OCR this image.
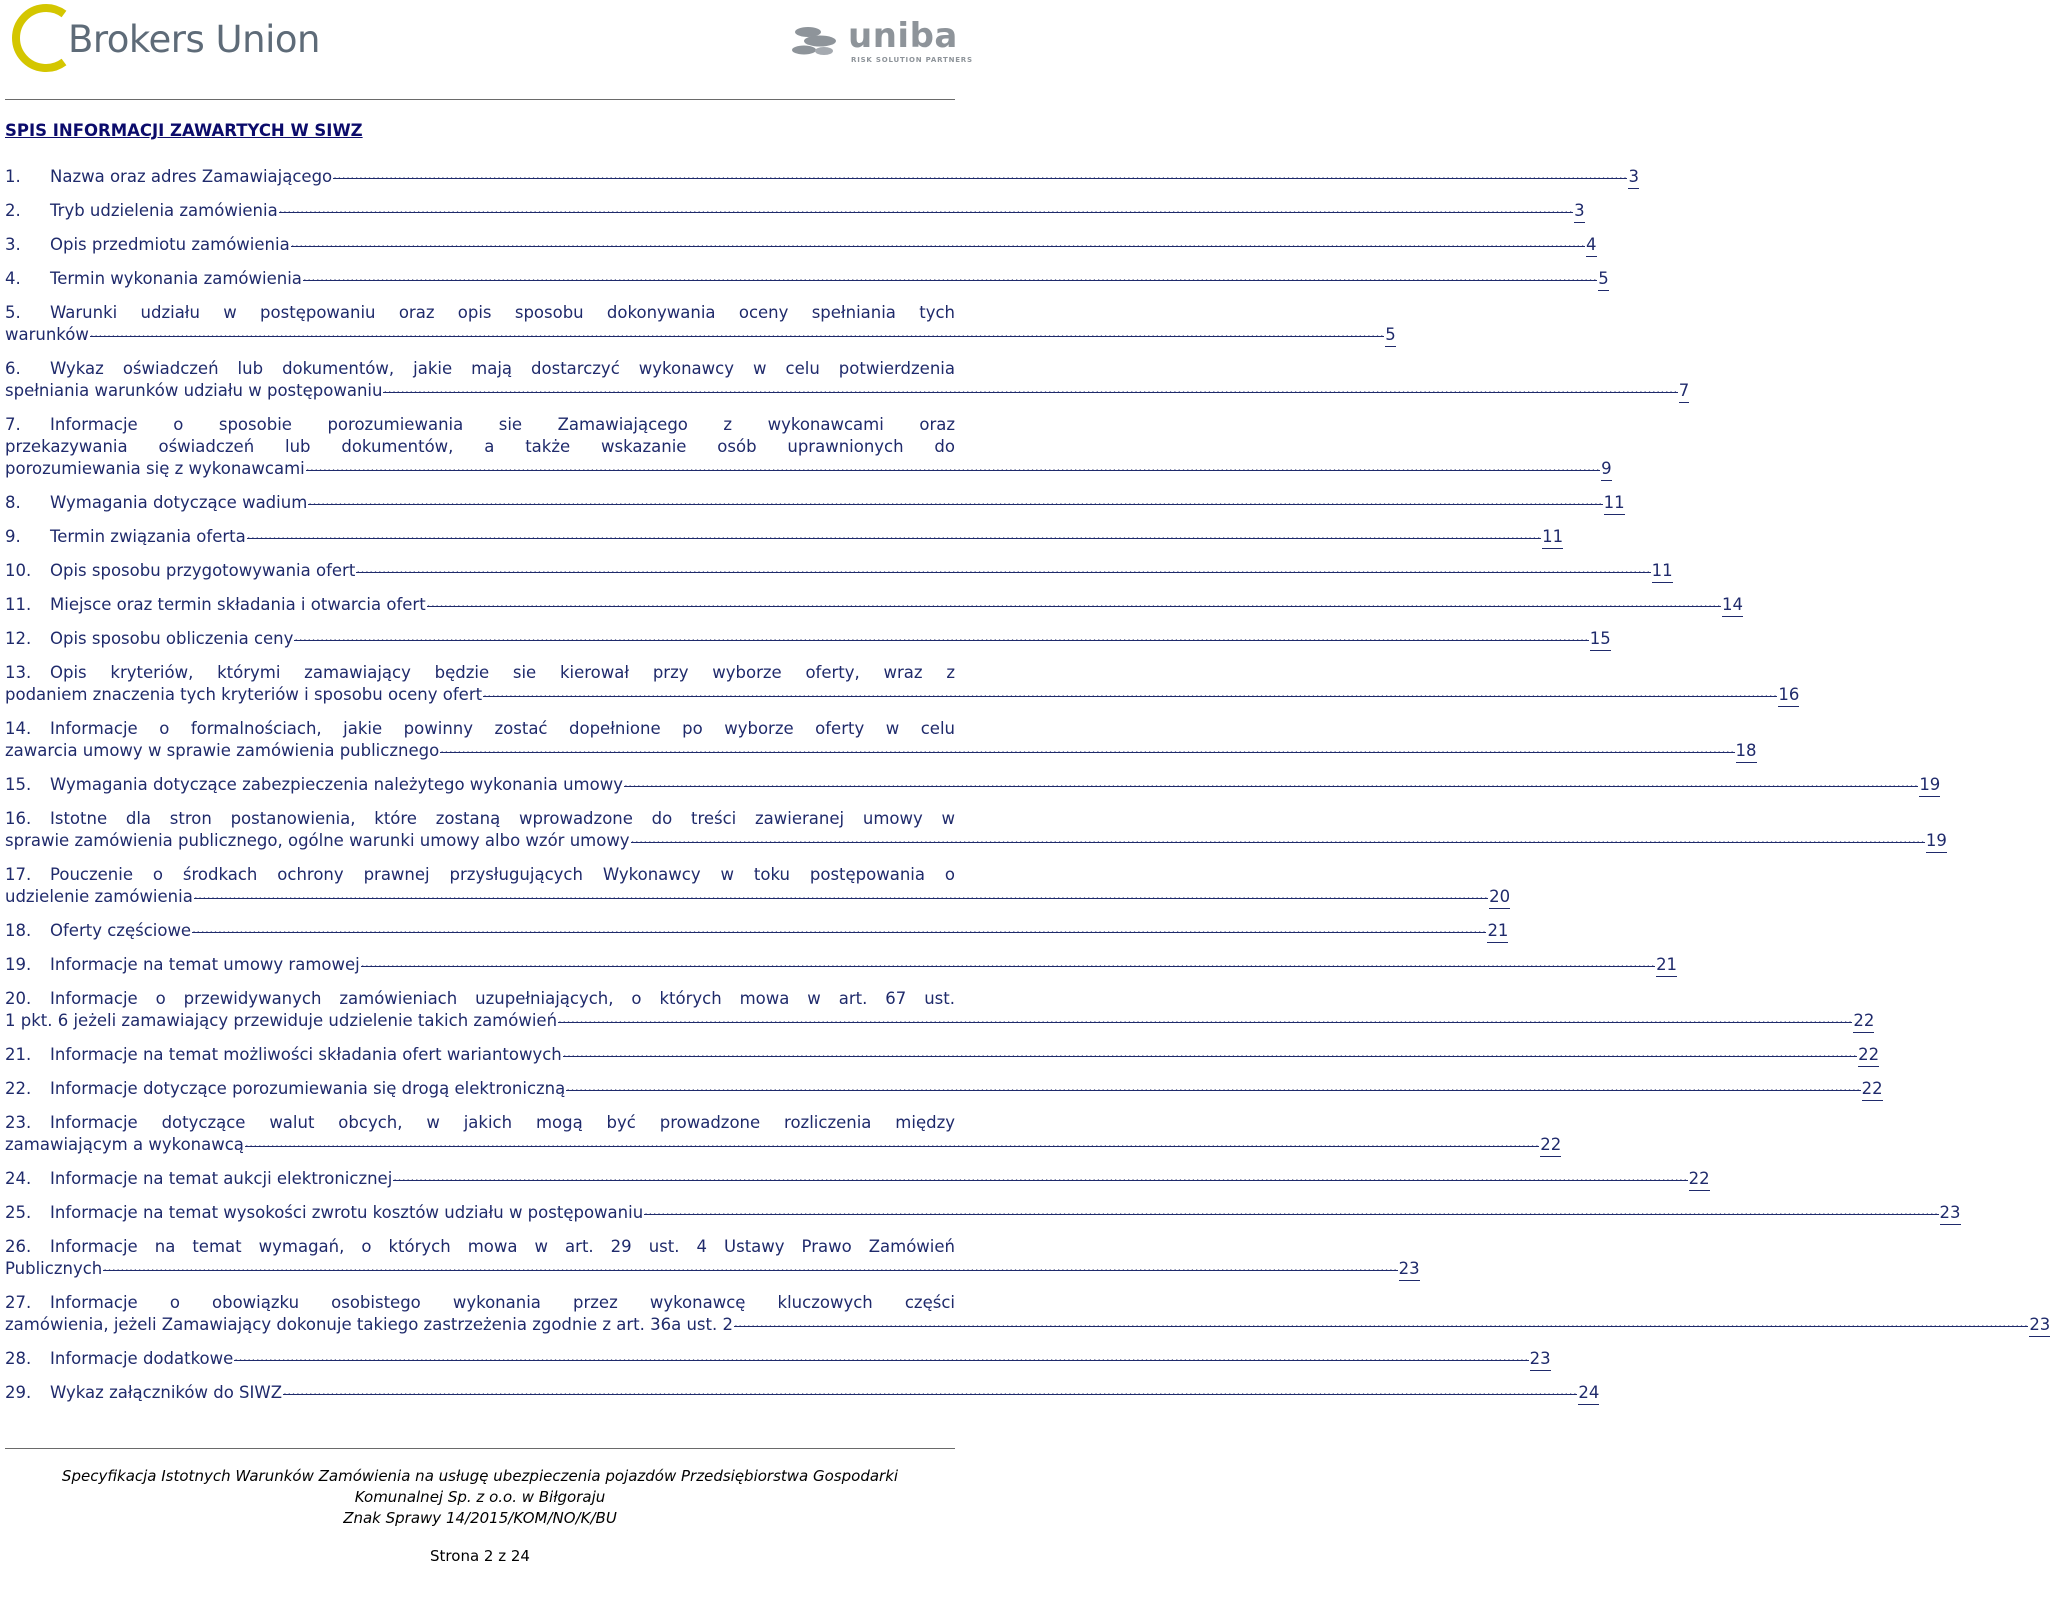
Brokers Union	uniba
RISK SOLUTION PARTNERS
SPIS INFORMACJI ZAWARTYCH W SIWZ
1.	Nazwa oraz adres Zamawiającego ............................................................................................................................................................................................................................................................................................................ 3
2.	Tryb udzielenia zamówienia ............................................................................................................................................................................................................................................................................................................ 3
3.	Opis przedmiotu zamówienia ............................................................................................................................................................................................................................................................................................................ 4
4.	Termin wykonania zamówienia ............................................................................................................................................................................................................................................................................................................ 5
5. Warunki udziału w postępowaniu oraz opis sposobu dokonywania oceny spełniania tych
warunków ............................................................................................................................................................................................................................................................................................................ 5
6. Wykaz oświadczeń lub dokumentów, jakie mają dostarczyć wykonawcy w celu potwierdzenia
spełniania warunków udziału w postępowaniu ............................................................................................................................................................................................................................................................................................................ 7
7. Informacje o sposobie porozumiewania sie Zamawiającego z wykonawcami oraz
przekazywania oświadczeń lub dokumentów, a także wskazanie osób uprawnionych do
porozumiewania się z wykonawcami ............................................................................................................................................................................................................................................................................................................ 9
8.	Wymagania dotyczące wadium ............................................................................................................................................................................................................................................................................................................ 11
9.	Termin związania oferta ............................................................................................................................................................................................................................................................................................................ 11
10.	Opis sposobu przygotowywania ofert ............................................................................................................................................................................................................................................................................................................ 11
11.	Miejsce oraz termin składania i otwarcia ofert ............................................................................................................................................................................................................................................................................................................ 14
12.	Opis sposobu obliczenia ceny ............................................................................................................................................................................................................................................................................................................ 15
13. Opis kryteriów, którymi zamawiający będzie sie kierował przy wyborze oferty, wraz z
podaniem znaczenia tych kryteriów i sposobu oceny ofert ............................................................................................................................................................................................................................................................................................................ 16
14. Informacje o formalnościach, jakie powinny zostać dopełnione po wyborze oferty w celu
zawarcia umowy w sprawie zamówienia publicznego ............................................................................................................................................................................................................................................................................................................ 18
15.	Wymagania dotyczące zabezpieczenia należytego wykonania umowy ............................................................................................................................................................................................................................................................................................................ 19
16. Istotne dla stron postanowienia, które zostaną wprowadzone do treści zawieranej umowy w
sprawie zamówienia publicznego, ogólne warunki umowy albo wzór umowy ............................................................................................................................................................................................................................................................................................................ 19
17. Pouczenie o środkach ochrony prawnej przysługujących Wykonawcy w toku postępowania o
udzielenie zamówienia ............................................................................................................................................................................................................................................................................................................ 20
18.	Oferty częściowe ............................................................................................................................................................................................................................................................................................................ 21
19.	Informacje na temat umowy ramowej ............................................................................................................................................................................................................................................................................................................ 21
20. Informacje o przewidywanych zamówieniach uzupełniających, o których mowa w art. 67 ust.
1 pkt. 6 jeżeli zamawiający przewiduje udzielenie takich zamówień ............................................................................................................................................................................................................................................................................................................ 22
21.	Informacje na temat możliwości składania ofert wariantowych ............................................................................................................................................................................................................................................................................................................ 22
22.	Informacje dotyczące porozumiewania się drogą elektroniczną ............................................................................................................................................................................................................................................................................................................ 22
23. Informacje dotyczące walut obcych, w jakich mogą być prowadzone rozliczenia między
zamawiającym a wykonawcą ............................................................................................................................................................................................................................................................................................................ 22
24.	Informacje na temat aukcji elektronicznej ............................................................................................................................................................................................................................................................................................................ 22
25.	Informacje na temat wysokości zwrotu kosztów udziału w postępowaniu ............................................................................................................................................................................................................................................................................................................ 23
26. Informacje na temat wymagań, o których mowa w art. 29 ust. 4 Ustawy Prawo Zamówień
Publicznych ............................................................................................................................................................................................................................................................................................................ 23
27. Informacje o obowiązku osobistego wykonania przez wykonawcę kluczowych części
zamówienia, jeżeli Zamawiający dokonuje takiego zastrzeżenia zgodnie z art. 36a ust. 2 ............................................................................................................................................................................................................................................................................................................ 23
28.	Informacje dodatkowe ............................................................................................................................................................................................................................................................................................................ 23
29.	Wykaz załączników do SIWZ ............................................................................................................................................................................................................................................................................................................ 24
Specyfikacja Istotnych Warunków Zamówienia na usługę ubezpieczenia pojazdów Przedsiębiorstwa Gospodarki
Komunalnej Sp. z o.o. w Biłgoraju
Znak Sprawy 14/2015/KOM/NO/K/BU
Strona 2 z 24
